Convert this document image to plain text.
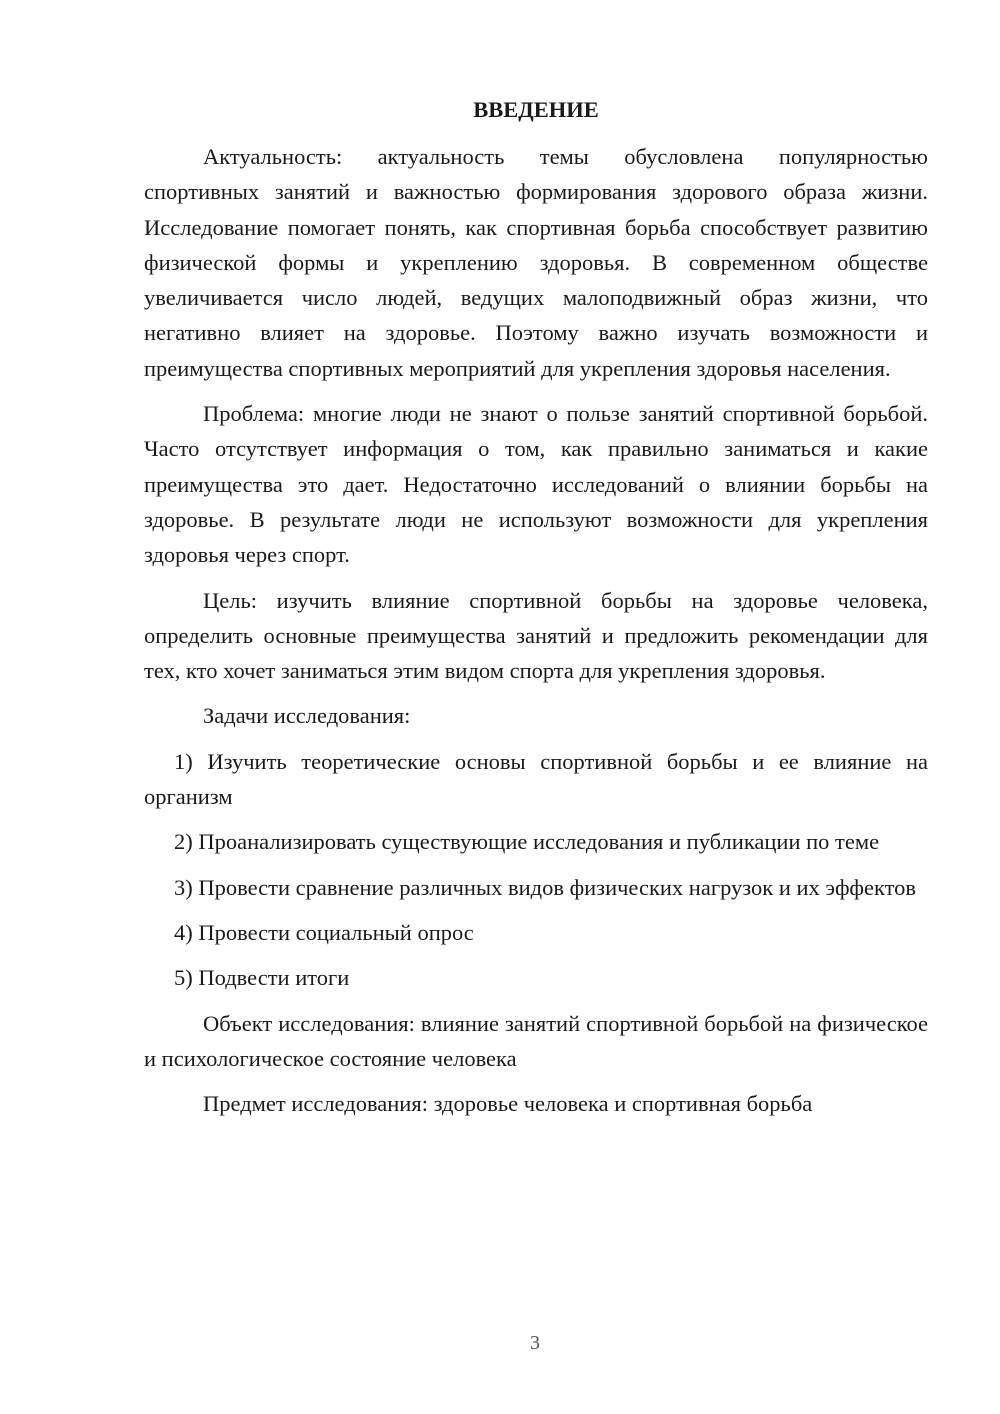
ВВЕДЕНИЕ

Актуальность: актуальность темы обусловлена популярностью спортивных занятий и важностью формирования здорового образа жизни. Исследование помогает понять, как спортивная борьба способствует развитию физической формы и укреплению здоровья. В современном обществе увеличивается число людей, ведущих малоподвижный образ жизни, что негативно влияет на здоровье. Поэтому важно изучать возможности и преимущества спортивных мероприятий для укрепления здоровья населения.

Проблема: многие люди не знают о пользе занятий спортивной борьбой. Часто отсутствует информация о том, как правильно заниматься и какие преимущества это дает. Недостаточно исследований о влиянии борьбы на здоровье. В результате люди не используют возможности для укрепления здоровья через спорт.

Цель: изучить влияние спортивной борьбы на здоровье человека, определить основные преимущества занятий и предложить рекомендации для тех, кто хочет заниматься этим видом спорта для укрепления здоровья.

Задачи исследования:

1) Изучить теоретические основы спортивной борьбы и ее влияние на организм

2) Проанализировать существующие исследования и публикации по теме

3) Провести сравнение различных видов физических нагрузок и их эффектов

4) Провести социальный опрос

5) Подвести итоги

Объект исследования: влияние занятий спортивной борьбой на физическое и психологическое состояние человека

Предмет исследования: здоровье человека и спортивная борьба

3
